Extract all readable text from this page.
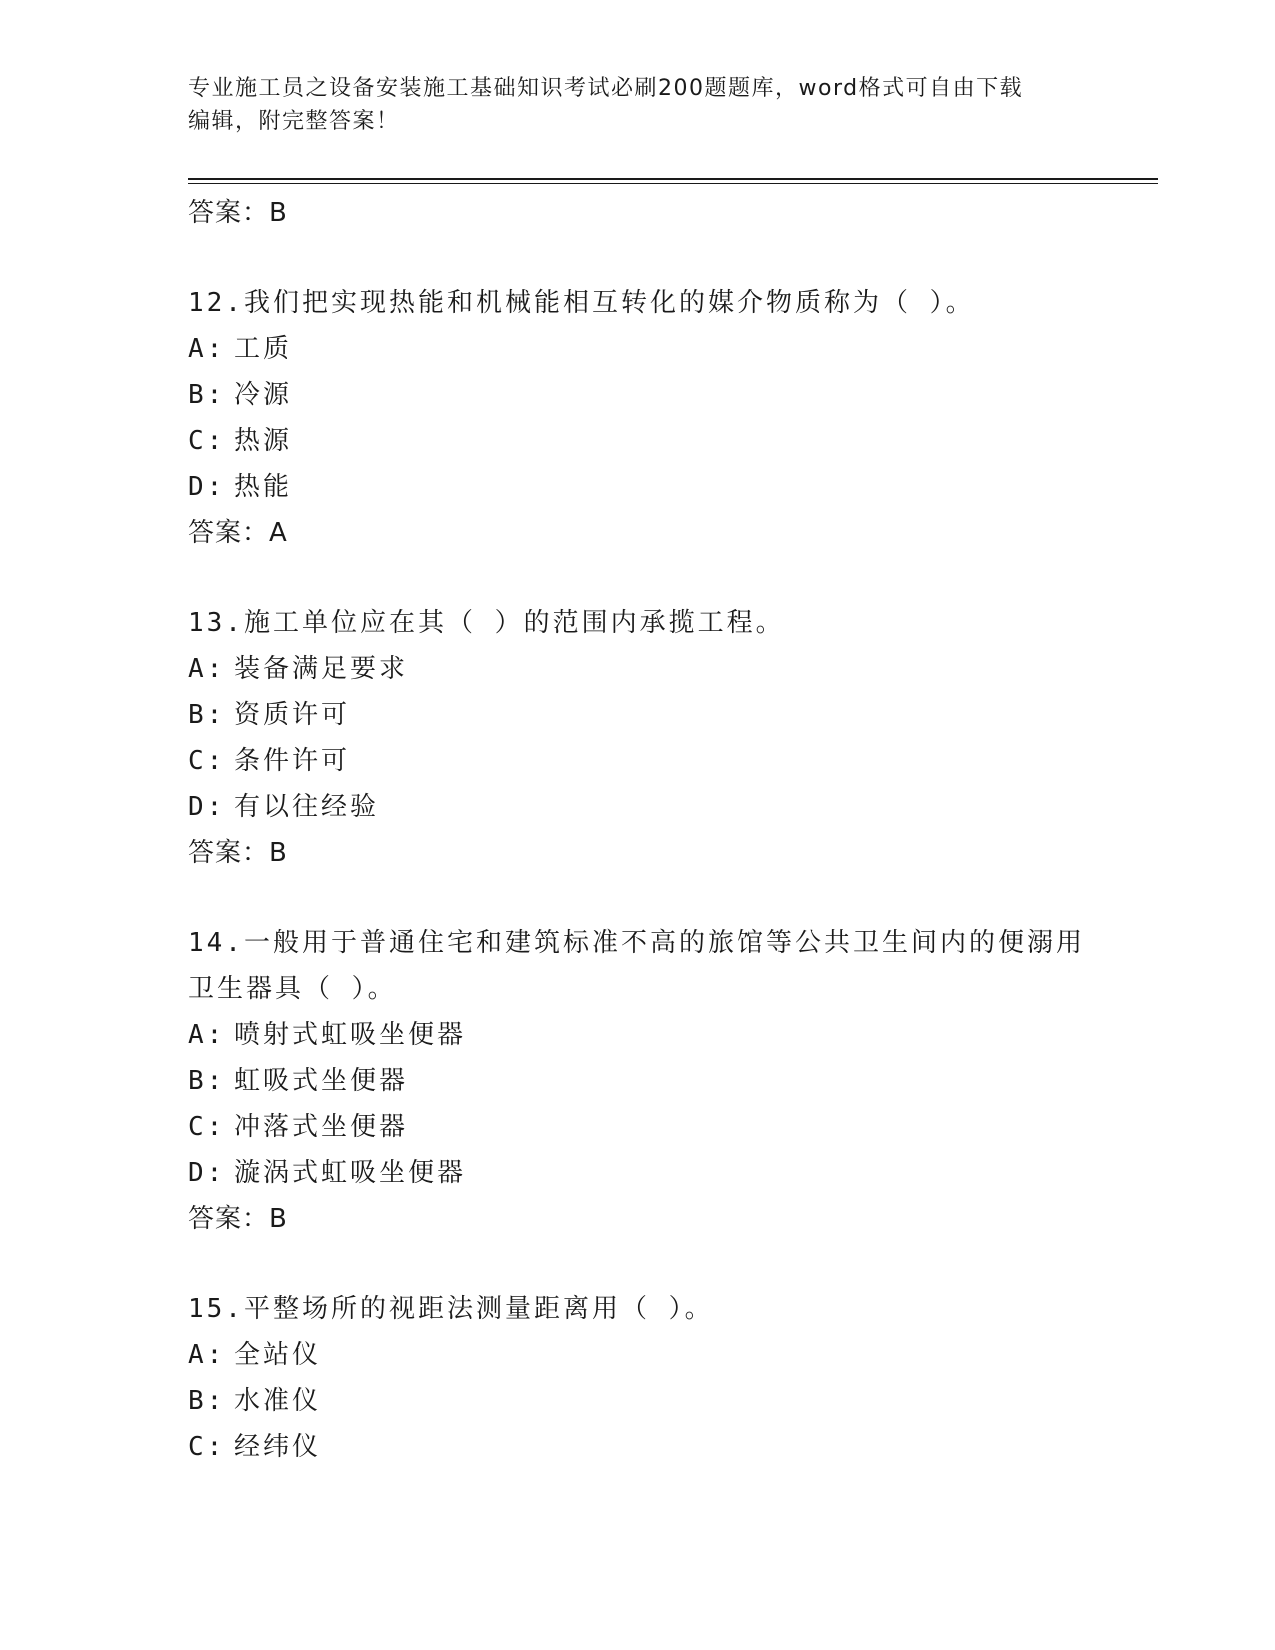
专业施工员之设备安装施工基础知识考试必刷200题题库，word格式可自由下载
编辑，附完整答案！
答案：B
12.我们把实现热能和机械能相互转化的媒介物质称为（ ）。
A: 工质
B: 冷源
C: 热源
D: 热能
答案：A
13.施工单位应在其（ ）的范围内承揽工程。
A: 装备满足要求
B: 资质许可
C: 条件许可
D: 有以往经验
答案：B
14.一般用于普通住宅和建筑标准不高的旅馆等公共卫生间内的便溺用
卫生器具（ ）。
A: 喷射式虹吸坐便器
B: 虹吸式坐便器
C: 冲落式坐便器
D: 漩涡式虹吸坐便器
答案：B
15.平整场所的视距法测量距离用（ ）。
A: 全站仪
B: 水准仪
C: 经纬仪
